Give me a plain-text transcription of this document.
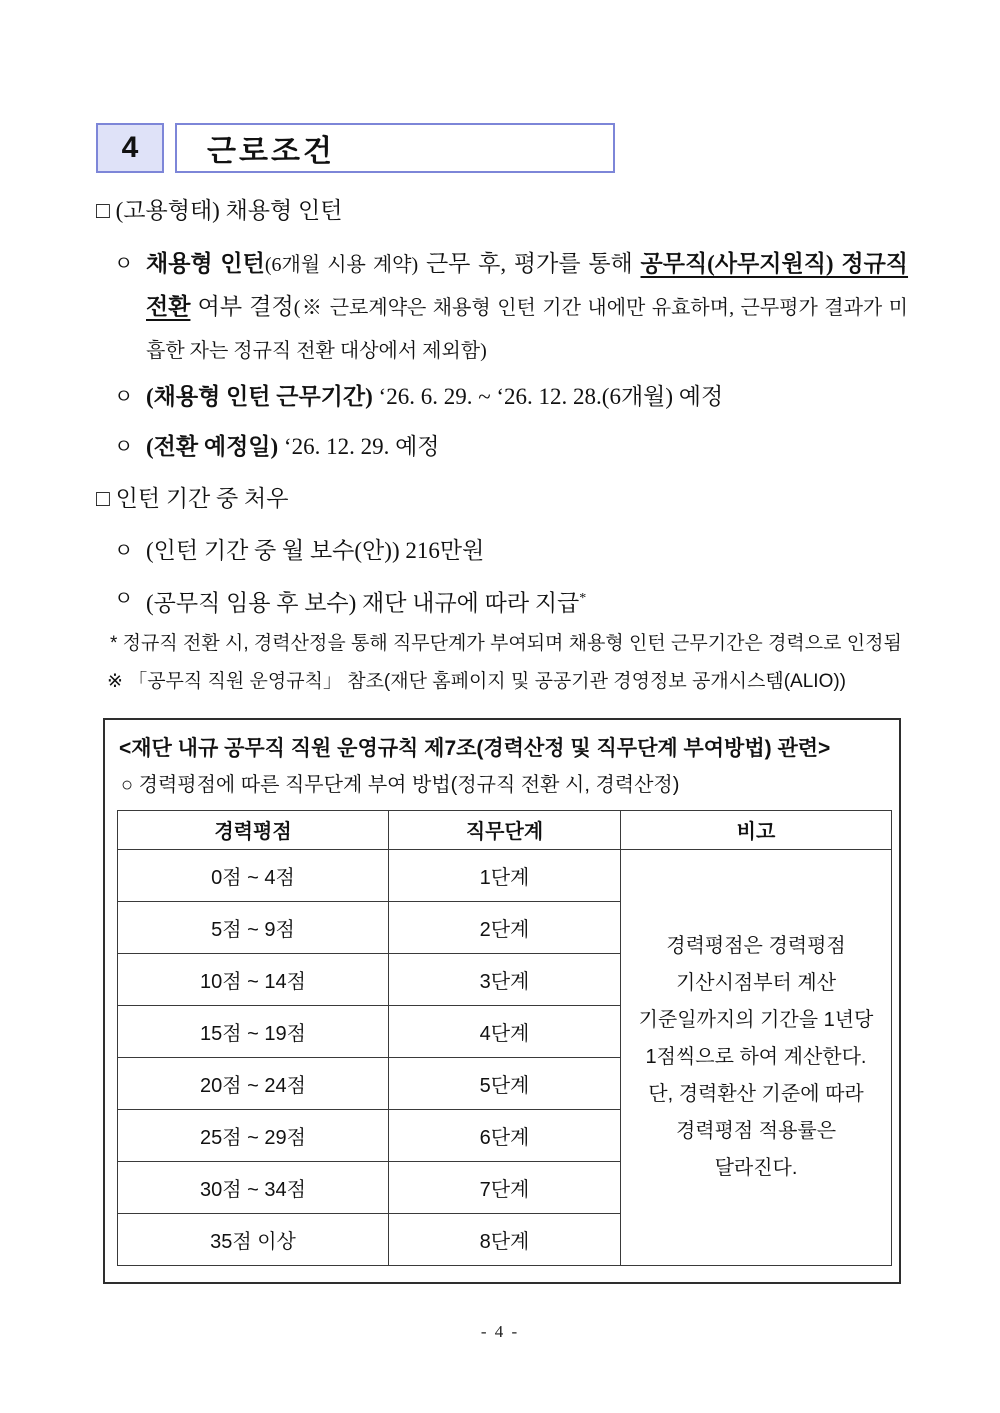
4	근로조건
□ (고용형태) 채용형 인턴
ㅇ 채용형 인턴(6개월 시용 계약) 근무 후, 평가를 통해 공무직(사무지원직) 정규직 전환 여부 결정(※ 근로계약은 채용형 인턴 기간 내에만 유효하며, 근무평가 결과가 미흡한 자는 정규직 전환 대상에서 제외함)
ㅇ (채용형 인턴 근무기간) ‘26. 6. 29. ~ ‘26. 12. 28.(6개월) 예정
ㅇ (전환 예정일) ‘26. 12. 29. 예정
□ 인턴 기간 중 처우
ㅇ (인턴 기간 중 월 보수(안)) 216만원
ㅇ (공무직 임용 후 보수) 재단 내규에 따라 지급*
* 정규직 전환 시, 경력산정을 통해 직무단계가 부여되며 채용형 인턴 근무기간은 경력으로 인정됨
※ 「공무직 직원 운영규칙」 참조(재단 홈페이지 및 공공기관 경영정보 공개시스템(ALIO))
<재단 내규 공무직 직원 운영규칙 제7조(경력산정 및 직무단계 부여방법) 관련>
○ 경력평점에 따른 직무단계 부여 방법(정규직 전환 시, 경력산정)
경력평점	직무단계	비고
0점 ~ 4점	1단계	
경력평점은 경력평점
기산시점부터 계산
기준일까지의 기간을 1년당
1점씩으로 하여 계산한다.
단, 경력환산 기준에 따라
경력평점 적용률은
달라진다.

5점 ~ 9점	2단계	
10점 ~ 14점	3단계	
15점 ~ 19점	4단계	
20점 ~ 24점	5단계	
25점 ~ 29점	6단계	
30점 ~ 34점	7단계	
35점 이상	8단계	
- 4 -
